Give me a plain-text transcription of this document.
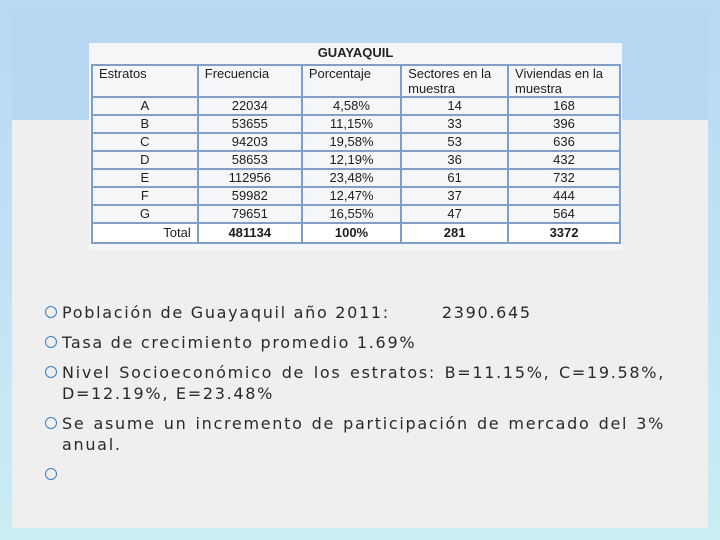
GUAYAQUIL
Estratos	Frecuencia	Porcentaje	Sectores en la muestra	Viviendas en la muestra
A	22034	4,58%	14	168
B	53655	11,15%	33	396
C	94203	19,58%	53	636
D	58653	12,19%	36	432
E	112956	23,48%	61	732
F	59982	12,47%	37	444
G	79651	16,55%	47	564
Total	481134	100%	281	3372

Población de Guayaquil año 2011:	2390.645

Tasa de crecimiento promedio 1.69%

Nivel Socioeconómico de los estratos: B=11.15%, C=19.58%, D=12.19%, E=23.48%

Se asume un incremento de participación de mercado del 3% anual.
